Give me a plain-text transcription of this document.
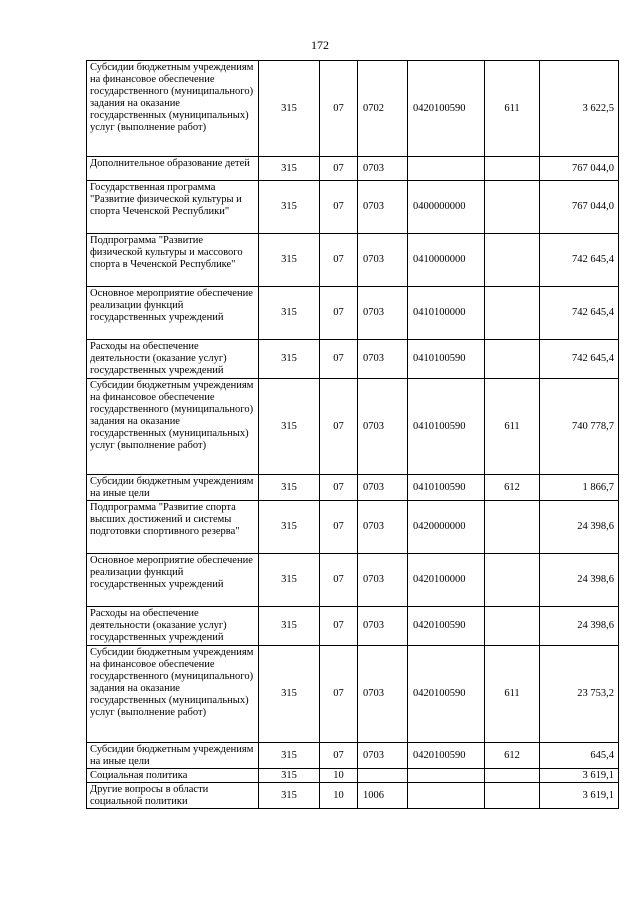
172
Субсидии бюджетным учреждениям на финансовое обеспечение государственного (муниципального) задания на оказание государственных (муниципальных) услуг (выполнение работ)	315	07	0702	0420100590	611	3 622,5
Дополнительное образование детей	315	07	0703			767 044,0
Государственная программа "Развитие физической культуры и спорта Чеченской Республики"	315	07	0703	0400000000		767 044,0
Подпрограмма "Развитие физической культуры и массового спорта в Чеченской Республике"	315	07	0703	0410000000		742 645,4
Основное мероприятие обеспечение реализации функций государственных учреждений	315	07	0703	0410100000		742 645,4
Расходы на обеспечение деятельности (оказание услуг) государственных учреждений	315	07	0703	0410100590		742 645,4
Субсидии бюджетным учреждениям на финансовое обеспечение государственного (муниципального) задания на оказание государственных (муниципальных) услуг (выполнение работ)	315	07	0703	0410100590	611	740 778,7
Субсидии бюджетным учреждениям на иные цели	315	07	0703	0410100590	612	1 866,7
Подпрограмма "Развитие спорта высших достижений и системы подготовки спортивного резерва"	315	07	0703	0420000000		24 398,6
Основное мероприятие обеспечение реализации функций государственных учреждений	315	07	0703	0420100000		24 398,6
Расходы на обеспечение деятельности (оказание услуг) государственных учреждений	315	07	0703	0420100590		24 398,6
Субсидии бюджетным учреждениям на финансовое обеспечение государственного (муниципального) задания на оказание государственных (муниципальных) услуг (выполнение работ)	315	07	0703	0420100590	611	23 753,2
Субсидии бюджетным учреждениям на иные цели	315	07	0703	0420100590	612	645,4
Социальная политика	315	10				3 619,1
Другие вопросы в области социальной политики	315	10	1006			3 619,1
